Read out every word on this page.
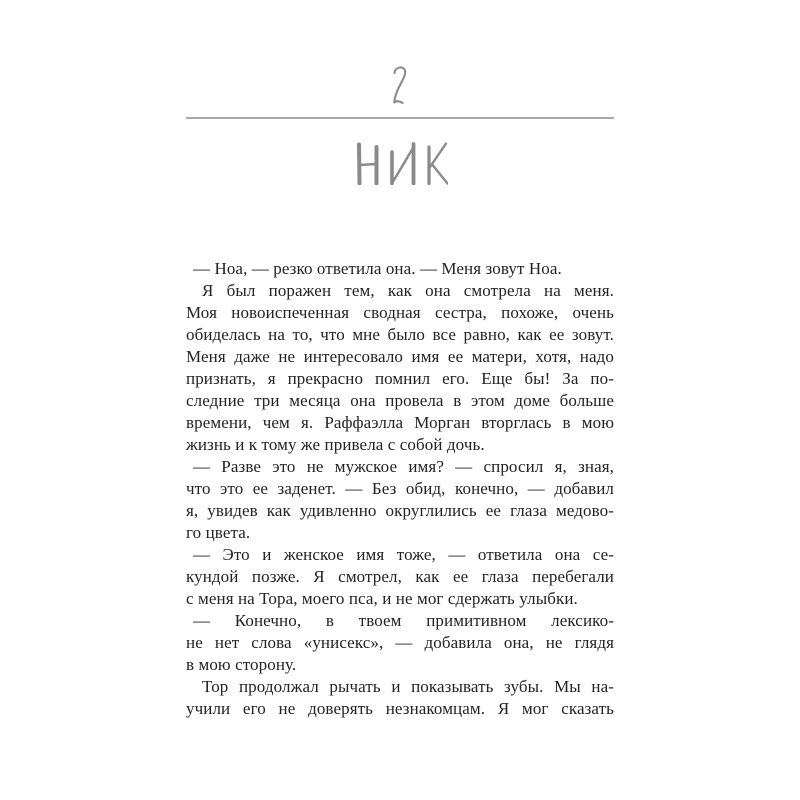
— Ноа, — резко ответила она. — Меня зовут Ноа.

Я был поражен тем, как она смотрела на меня.
Моя новоиспеченная сводная сестра, похоже, очень
обиделась на то, что мне было все равно, как ее зовут.
Меня даже не интересовало имя ее матери, хотя, надо
признать, я прекрасно помнил его. Еще бы! За по-
следние три месяца она провела в этом доме больше
времени, чем я. Раффаэлла Морган вторглась в мою
жизнь и к тому же привела с собой дочь.

— Разве это не мужское имя? — спросил я, зная,
что это ее заденет. — Без обид, конечно, — добавил
я, увидев как удивленно округлились ее глаза медово-
го цвета.

— Это и женское имя тоже, — ответила она се-
кундой позже. Я смотрел, как ее глаза перебегали
с меня на Тора, моего пса, и не мог сдержать улыбки.

— Конечно, в твоем примитивном лексико-
не нет слова «унисекс», — добавила она, не глядя
в мою сторону.

Тор продолжал рычать и показывать зубы. Мы на-
учили его не доверять незнакомцам. Я мог сказать
